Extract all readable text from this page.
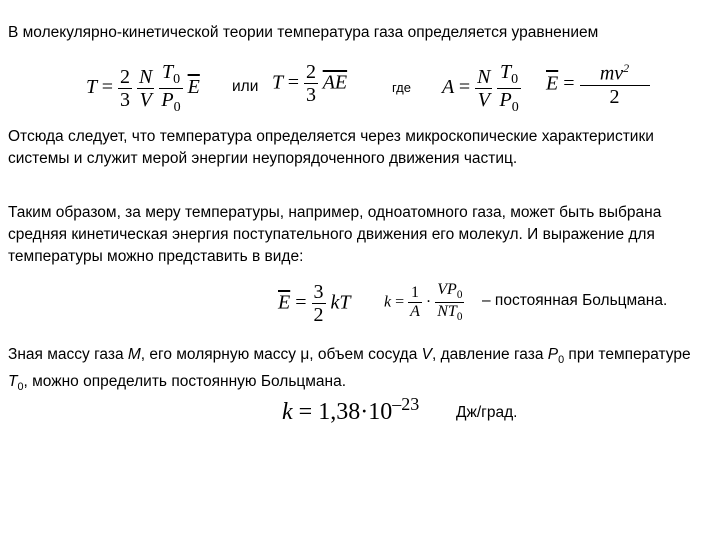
В молекулярно-кинетической теории температура газа определяется уравнением
$T = \frac{2}{3}$
$\frac{N}{V}$
$\frac{T_0}{P_0} \overline{E}$ или $T = \frac{2}{3} \overline{AE}$	где $A = \frac{N}{V}$
$\frac{T_0}{P_0} \overline{E} = \frac{mv^2}{2}$
Отсюда следует, что температура определяется через микроскопические характеристики системы и служит мерой энергии неупорядоченного движения частиц.
Таким образом, за меру температуры, например, одноатомного газа, может быть выбрана средняя кинетическая энергия поступательного движения его молекул. И выражение для температуры можно представить в виде:
$\overline{E} = \frac{3}{2}$ kT $k = \frac{1}{A} \cdot \frac{VP_0}{NT_0}$ – постоянная Больцмана.
Зная массу газа M, его молярную массу μ, объем сосуда V, давление газа $P_0$ при температуре $T_0$, можно определить постоянную Больцмана.
$k = 1,38\cdot 10^{-23}$ Дж/град.
